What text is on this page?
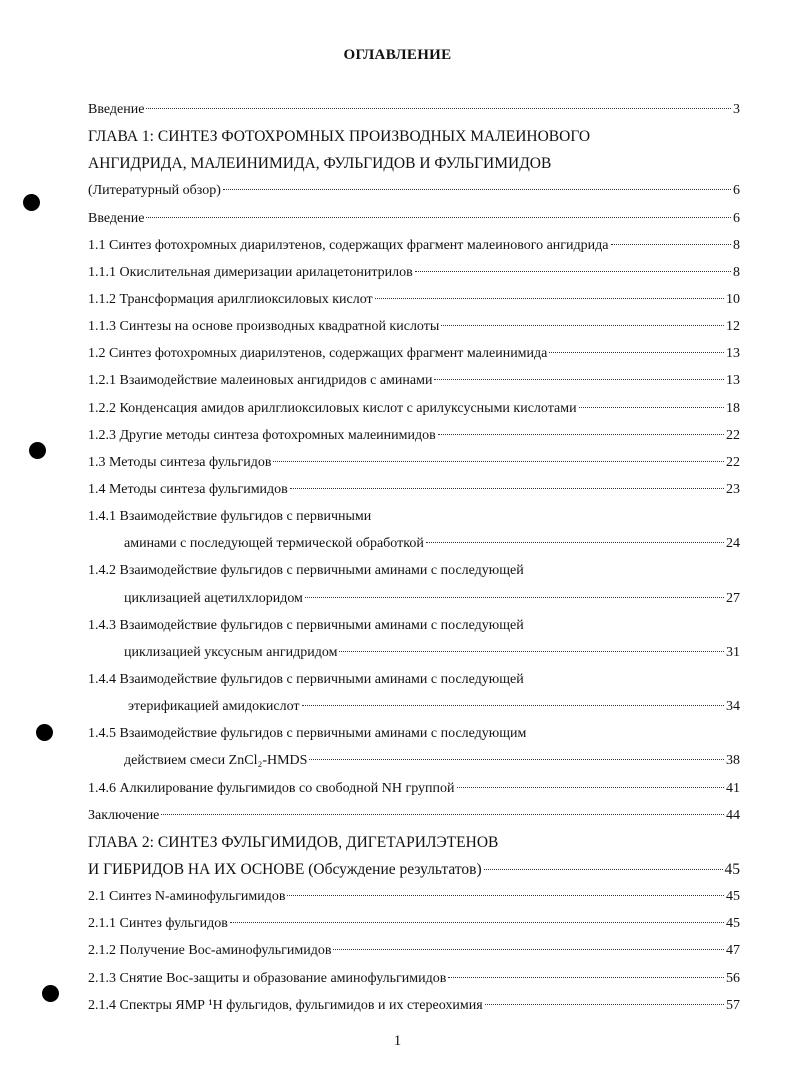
ОГЛАВЛЕНИЕ
Введение	3
ГЛАВА 1: СИНТЕЗ ФОТОХРОМНЫХ ПРОИЗВОДНЫХ МАЛЕИНОВОГО
АНГИДРИДА, МАЛЕИНИМИДА, ФУЛЬГИДОВ И ФУЛЬГИМИДОВ
(Литературный обзор)	6
Введение	6
1.1 Синтез фотохромных диарилэтенов, содержащих фрагмент малеинового ангидрида	8
1.1.1 Окислительная димеризации арилацетонитрилов	8
1.1.2 Трансформация арилглиоксиловых кислот	10
1.1.3 Синтезы на основе производных квадратной кислоты	12
1.2 Синтез фотохромных диарилэтенов, содержащих фрагмент малеинимида	13
1.2.1 Взаимодействие малеиновых ангидридов с аминами	13
1.2.2 Конденсация амидов арилглиоксиловых кислот с арилуксусными кислотами	18
1.2.3 Другие методы синтеза фотохромных малеинимидов	22
1.3 Методы синтеза фульгидов	22
1.4 Методы синтеза фульгимидов	23
1.4.1 Взаимодействие фульгидов с первичными
аминами с последующей термической обработкой	24
1.4.2 Взаимодействие фульгидов с первичными аминами с последующей
циклизацией ацетилхлоридом	27
1.4.3 Взаимодействие фульгидов с первичными аминами с последующей
циклизацией уксусным ангидридом	31
1.4.4 Взаимодействие фульгидов с первичными аминами с последующей
этерификацией амидокислот	34
1.4.5 Взаимодействие фульгидов с первичными аминами с последующим
действием смеси ZnCl₂-HMDS	38
1.4.6 Алкилирование фульгимидов со свободной NH группой	41
Заключение	44
ГЛАВА 2: СИНТЕЗ ФУЛЬГИМИДОВ, ДИГЕТАРИЛЭТЕНОВ
И ГИБРИДОВ НА ИХ ОСНОВЕ (Обсуждение результатов)	45
2.1 Синтез N-аминофульгимидов	45
2.1.1 Синтез фульгидов	45
2.1.2 Получение Boc-аминофульгимидов	47
2.1.3 Снятие Boc-защиты и образование аминофульгимидов	56
2.1.4 Спектры ЯМР ¹H фульгидов, фульгимидов и их стереохимия	57
1
